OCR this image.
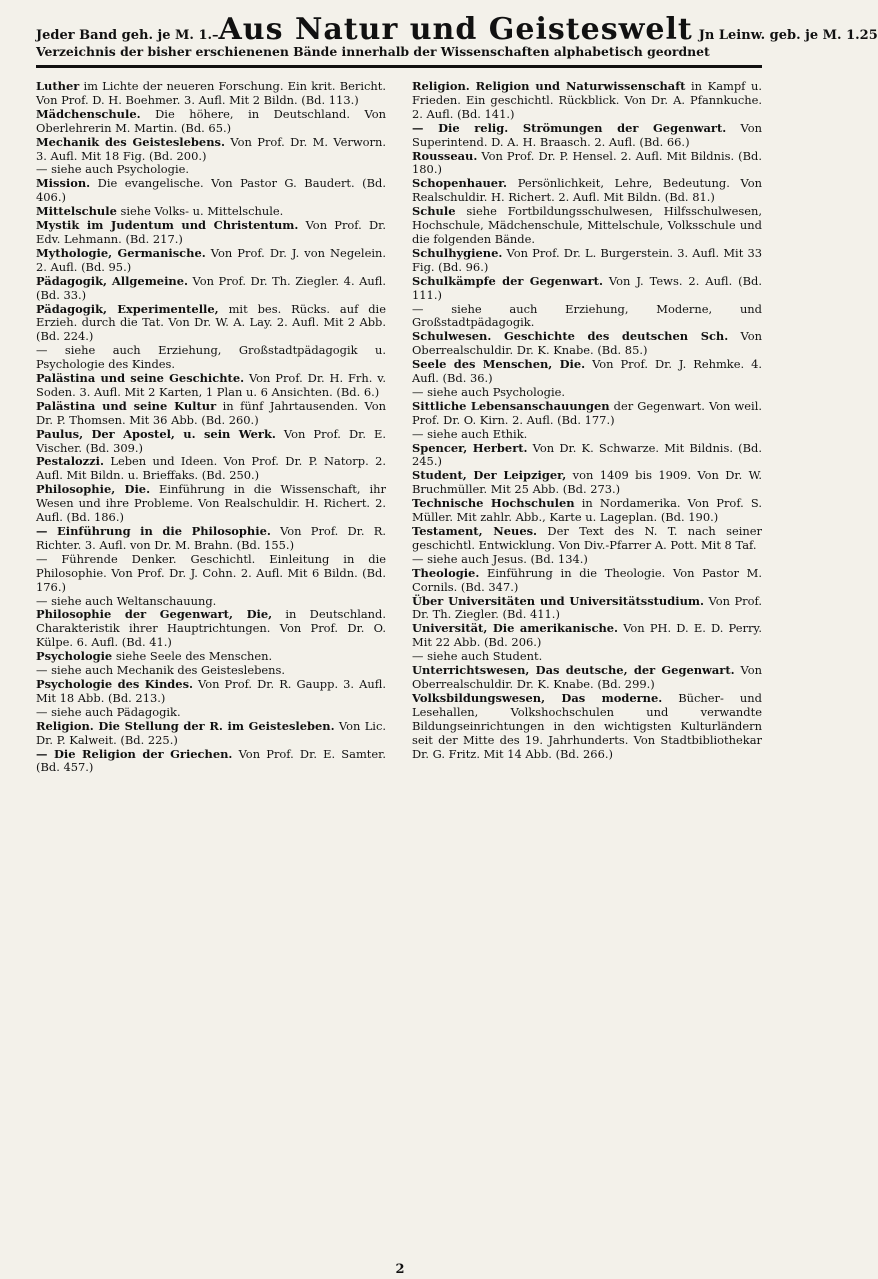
Jeder Band geh. je M. 1.– Aus Natur und Geisteswelt Jn Leinw. geb. je M. 1.25
Verzeichnis der bisher erschienenen Bände innerhalb der Wissenschaften alphabetisch geordnet

Luther im Lichte der neueren Forschung. Ein krit. Bericht. Von Prof. D. H. Boehmer. 3. Aufl. Mit 2 Bildn. (Bd. 113.)

Mädchenschule. Die höhere, in Deutschland. Von Oberlehrerin M. Martin. (Bd. 65.)

Mechanik des Geisteslebens. Von Prof. Dr. M. Verworn. 3. Aufl. Mit 18 Fig. (Bd. 200.)

— siehe auch Psychologie.

Mission. Die evangelische. Von Pastor G. Baudert. (Bd. 406.)

Mittelschule siehe Volks- u. Mittelschule.

Mystik im Judentum und Christentum. Von Prof. Dr. Edv. Lehmann. (Bd. 217.)

Mythologie, Germanische. Von Prof. Dr. J. von Negelein. 2. Aufl. (Bd. 95.)

Pädagogik, Allgemeine. Von Prof. Dr. Th. Ziegler. 4. Aufl. (Bd. 33.)

Pädagogik, Experimentelle, mit bes. Rücks. auf die Erzieh. durch die Tat. Von Dr. W. A. Lay. 2. Aufl. Mit 2 Abb. (Bd. 224.)

— siehe auch Erziehung, Großstadtpädagogik u. Psychologie des Kindes.

Palästina und seine Geschichte. Von Prof. Dr. H. Frh. v. Soden. 3. Aufl. Mit 2 Karten, 1 Plan u. 6 Ansichten. (Bd. 6.)

Palästina und seine Kultur in fünf Jahrtausenden. Von Dr. P. Thomsen. Mit 36 Abb. (Bd. 260.)

Paulus, Der Apostel, u. sein Werk. Von Prof. Dr. E. Vischer. (Bd. 309.)

Pestalozzi. Leben und Ideen. Von Prof. Dr. P. Natorp. 2. Aufl. Mit Bildn. u. Brieffaks. (Bd. 250.)

Philosophie, Die. Einführung in die Wissenschaft, ihr Wesen und ihre Probleme. Von Realschuldir. H. Richert. 2. Aufl. (Bd. 186.)

— Einführung in die Philosophie. Von Prof. Dr. R. Richter. 3. Aufl. von Dr. M. Brahn. (Bd. 155.)

— Führende Denker. Geschichtl. Einleitung in die Philosophie. Von Prof. Dr. J. Cohn. 2. Aufl. Mit 6 Bildn. (Bd. 176.)

— siehe auch Weltanschauung.

Philosophie der Gegenwart, Die, in Deutschland. Charakteristik ihrer Hauptrichtungen. Von Prof. Dr. O. Külpe. 6. Aufl. (Bd. 41.)

Psychologie siehe Seele des Menschen.

— siehe auch Mechanik des Geisteslebens.

Psychologie des Kindes. Von Prof. Dr. R. Gaupp. 3. Aufl. Mit 18 Abb. (Bd. 213.)

— siehe auch Pädagogik.

Religion. Die Stellung der R. im Geistesleben. Von Lic. Dr. P. Kalweit. (Bd. 225.)

— Die Religion der Griechen. Von Prof. Dr. E. Samter. (Bd. 457.)

Religion. Religion und Naturwissenschaft in Kampf u. Frieden. Ein geschichtl. Rückblick. Von Dr. A. Pfannkuche. 2. Aufl. (Bd. 141.)

— Die relig. Strömungen der Gegenwart. Von Superintend. D. A. H. Braasch. 2. Aufl. (Bd. 66.)

Rousseau. Von Prof. Dr. P. Hensel. 2. Aufl. Mit Bildnis. (Bd. 180.)

Schopenhauer. Persönlichkeit, Lehre, Bedeutung. Von Realschuldir. H. Richert. 2. Aufl. Mit Bildn. (Bd. 81.)

Schule siehe Fortbildungsschulwesen, Hilfsschulwesen, Hochschule, Mädchenschule, Mittelschule, Volksschule und die folgenden Bände.

Schulhygiene. Von Prof. Dr. L. Burgerstein. 3. Aufl. Mit 33 Fig. (Bd. 96.)

Schulkämpfe der Gegenwart. Von J. Tews. 2. Aufl. (Bd. 111.)

— siehe auch Erziehung, Moderne, und Großstadtpädagogik.

Schulwesen. Geschichte des deutschen Sch. Von Oberrealschuldir. Dr. K. Knabe. (Bd. 85.)

Seele des Menschen, Die. Von Prof. Dr. J. Rehmke. 4. Aufl. (Bd. 36.)

— siehe auch Psychologie.

Sittliche Lebensanschauungen der Gegenwart. Von weil. Prof. Dr. O. Kirn. 2. Aufl. (Bd. 177.)

— siehe auch Ethik.

Spencer, Herbert. Von Dr. K. Schwarze. Mit Bildnis. (Bd. 245.)

Student, Der Leipziger, von 1409 bis 1909. Von Dr. W. Bruchmüller. Mit 25 Abb. (Bd. 273.)

Technische Hochschulen in Nordamerika. Von Prof. S. Müller. Mit zahlr. Abb., Karte u. Lageplan. (Bd. 190.)

Testament, Neues. Der Text des N. T. nach seiner geschichtl. Entwicklung. Von Div.-Pfarrer A. Pott. Mit 8 Taf.

— siehe auch Jesus. (Bd. 134.)

Theologie. Einführung in die Theologie. Von Pastor M. Cornils. (Bd. 347.)

Über Universitäten und Universitätsstudium. Von Prof. Dr. Th. Ziegler. (Bd. 411.)

Universität, Die amerikanische. Von PH. D. E. D. Perry. Mit 22 Abb. (Bd. 206.)

— siehe auch Student.

Unterrichtswesen, Das deutsche, der Gegenwart. Von Oberrealschuldir. Dr. K. Knabe. (Bd. 299.)

Volksbildungswesen, Das moderne. Bücher- und Lesehallen, Volkshochschulen und verwandte Bildungseinrichtungen in den wichtigsten Kulturländern seit der Mitte des 19. Jahrhunderts. Von Stadtbibliothekar Dr. G. Fritz. Mit 14 Abb. (Bd. 266.)

2
